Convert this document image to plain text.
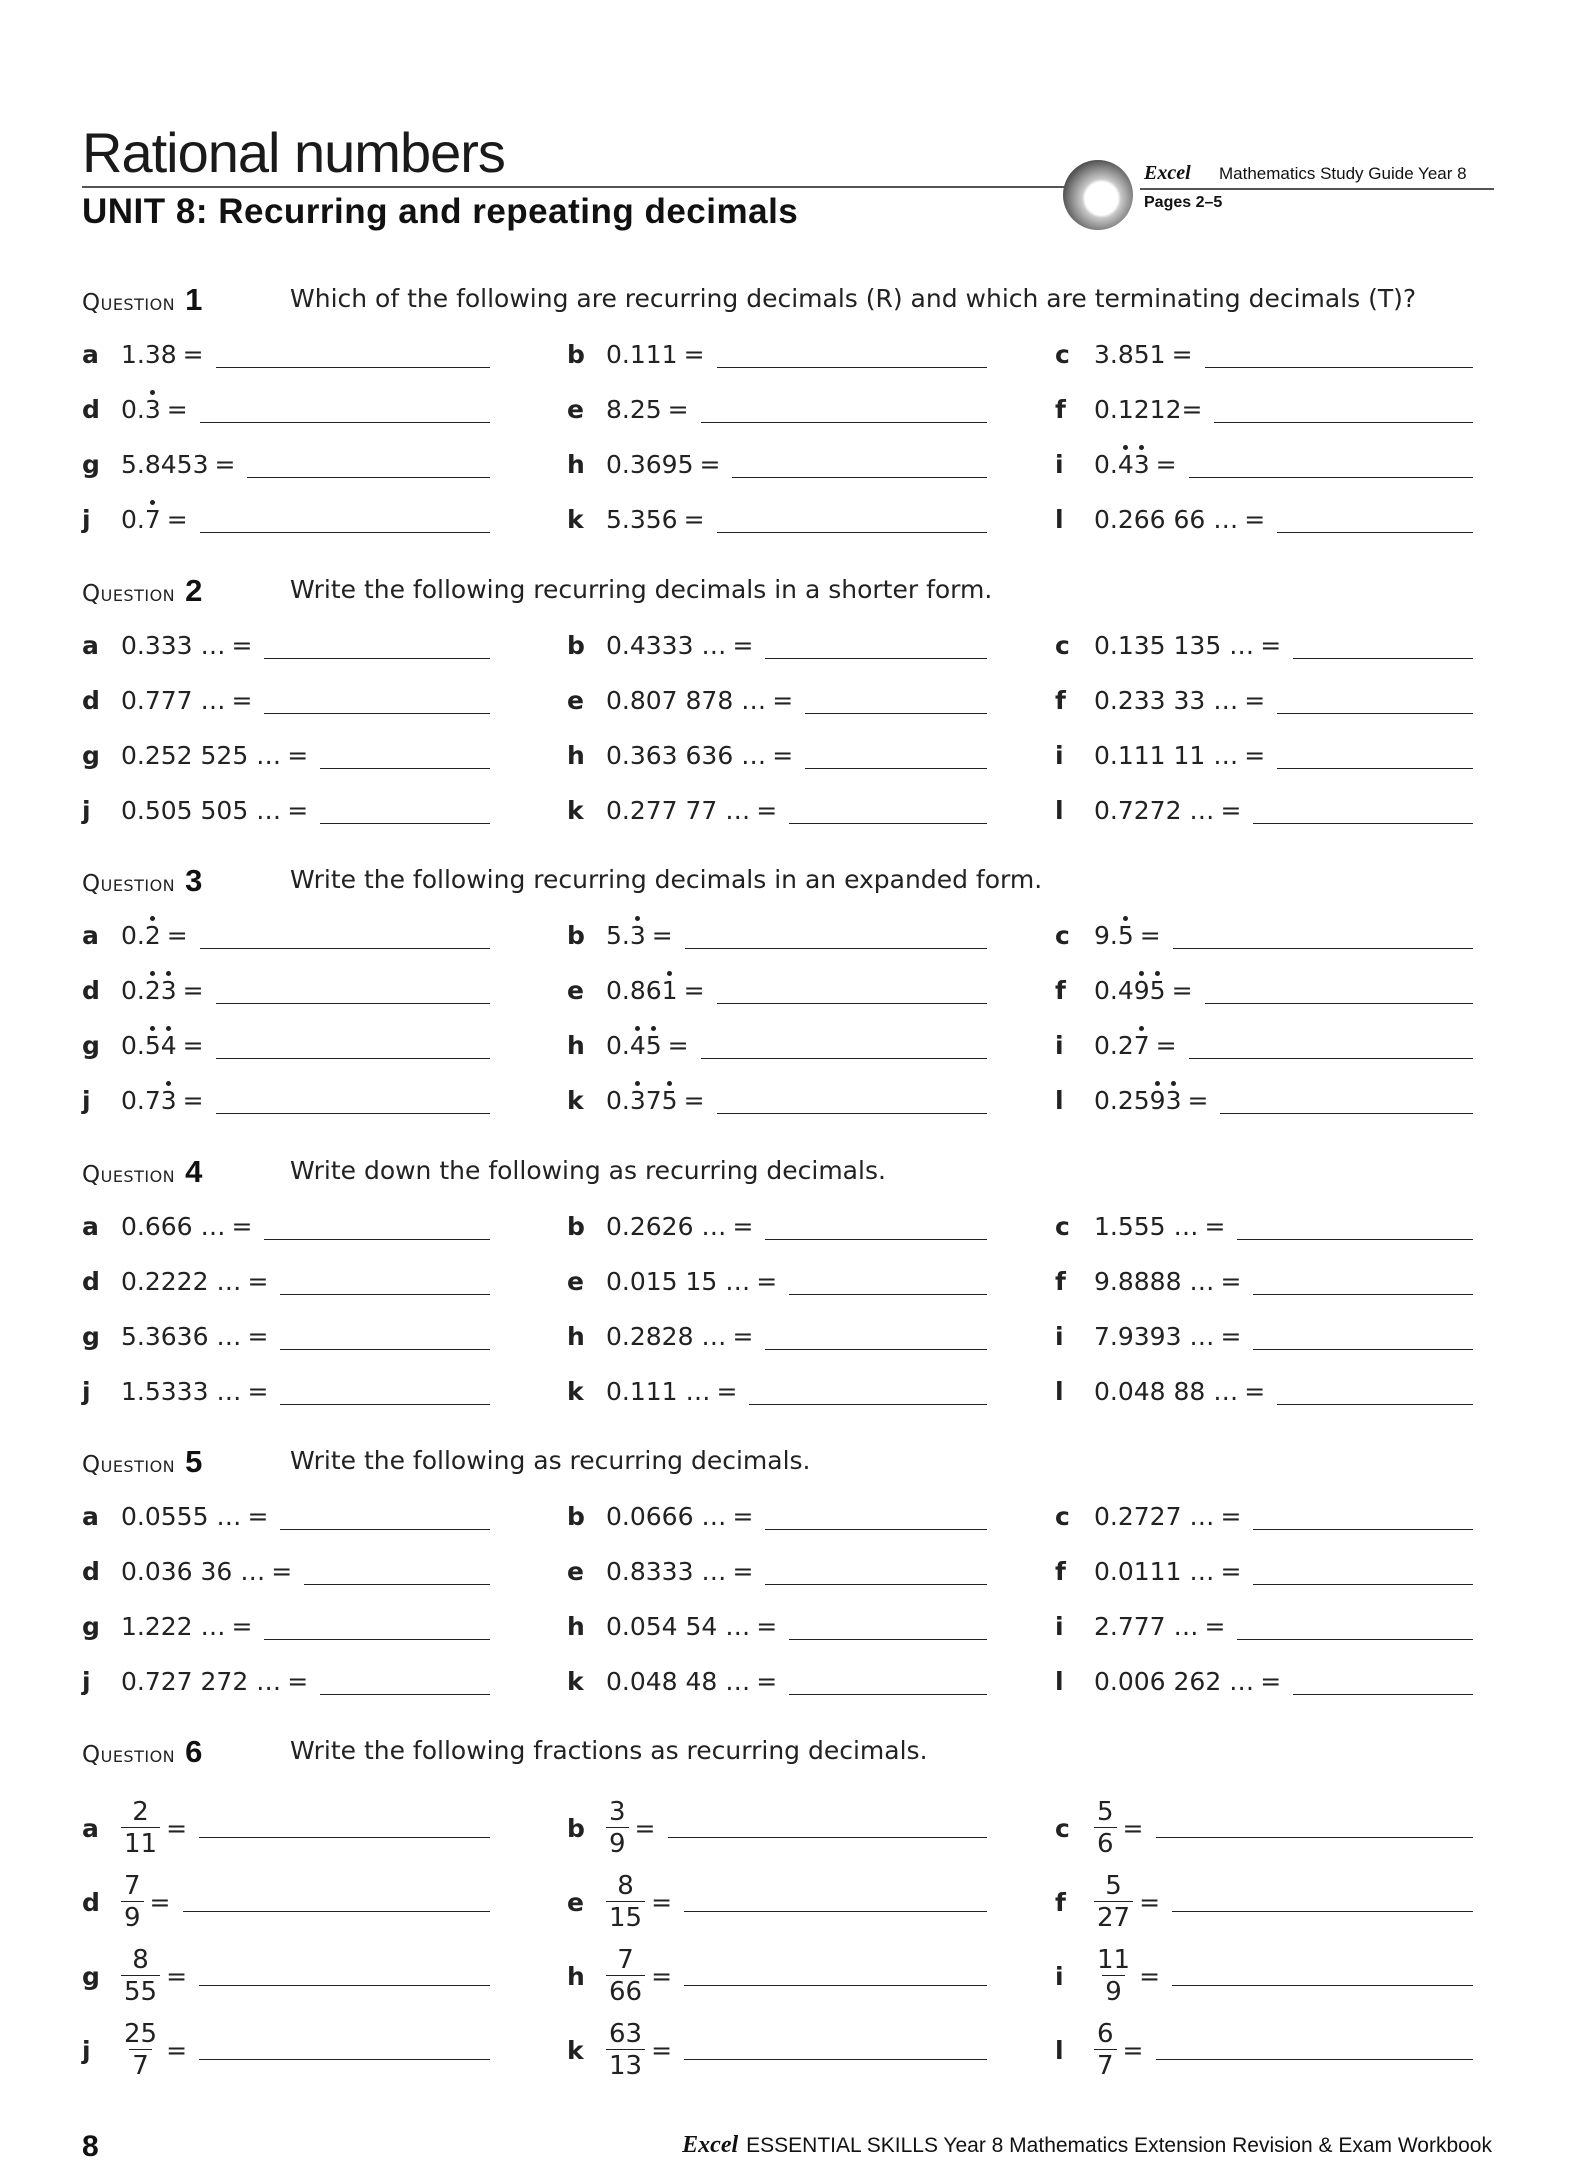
Rational numbers
UNIT 8: Recurring and repeating decimals
Excel Mathematics Study Guide Year 8
Pages 2–5
Question 1	Which of the following are recurring decimals (R) and which are terminating decimals (T)?
a 1.38 =	b 0.111 =	c 3.851 =
d 0.3 =	e 8.25 =	f	0.1212 =
g 5.8453 =	h 0.3695 =	i	0.43 =
j	0.7 =	k 5.356 =	l	0.266 66 … =
Question 2	Write the following recurring decimals in a shorter form.
a 0.333 … =	b 0.4333 … =	c 0.135 135 … =
d 0.777 … =	e 0.807 878 … =	f	0.233 33 … =
g 0.252 525 … =	h 0.363 636 … =	i	0.111 11 … =
j	0.505 505 … =	k 0.277 77 … =	l	0.7272 … =
Question 3	Write the following recurring decimals in an expanded form.
a 0.2 =	b 5.3 =	c 9.5 =
d 0.23 =	e 0.861 =	f	0.495 =
g 0.54 =	h 0.45 =	i	0.27 =
j	0.73 =	k 0.375 =	l	0.2593 =
Question 4	Write down the following as recurring decimals.
a 0.666 … =	b 0.2626 … =	c 1.555 … =
d 0.2222 … =	e 0.015 15 … =	f	9.8888 … =
g 5.3636 … =	h 0.2828 … =	i	7.9393 … =
j	1.5333 … =	k 0.111 … =	l	0.048 88 … =
Question 5	Write the following as recurring decimals.
a 0.0555 … =	b 0.0666 … =	c 0.2727 … =
d 0.036 36 … =	e 0.8333 … =	f	0.0111 … =
g 1.222 … =	h 0.054 54 … =	i	2.777 … =
j	0.727 272 … =	k 0.048 48 … =	l	0.006 262 … =
Question 6	Write the following fractions as recurring decimals.
a $\frac{2}{11}$ =	b $\frac{3}{9}$ =	c $\frac{5}{6}$ =
d $\frac{7}{9}$ =	e $\frac{8}{15}$ =	f	$\frac{5}{27}$ =
g $\frac{8}{55}$ =	h $\frac{7}{66}$ =	i	$\frac{11}{9}$ =
j	$\frac{25}{7}$ =	k $\frac{63}{13}$ =	l	$\frac{6}{7}$ =
8	Excel ESSENTIAL SKILLS Year 8 Mathematics Extension Revision & Exam Workbook
